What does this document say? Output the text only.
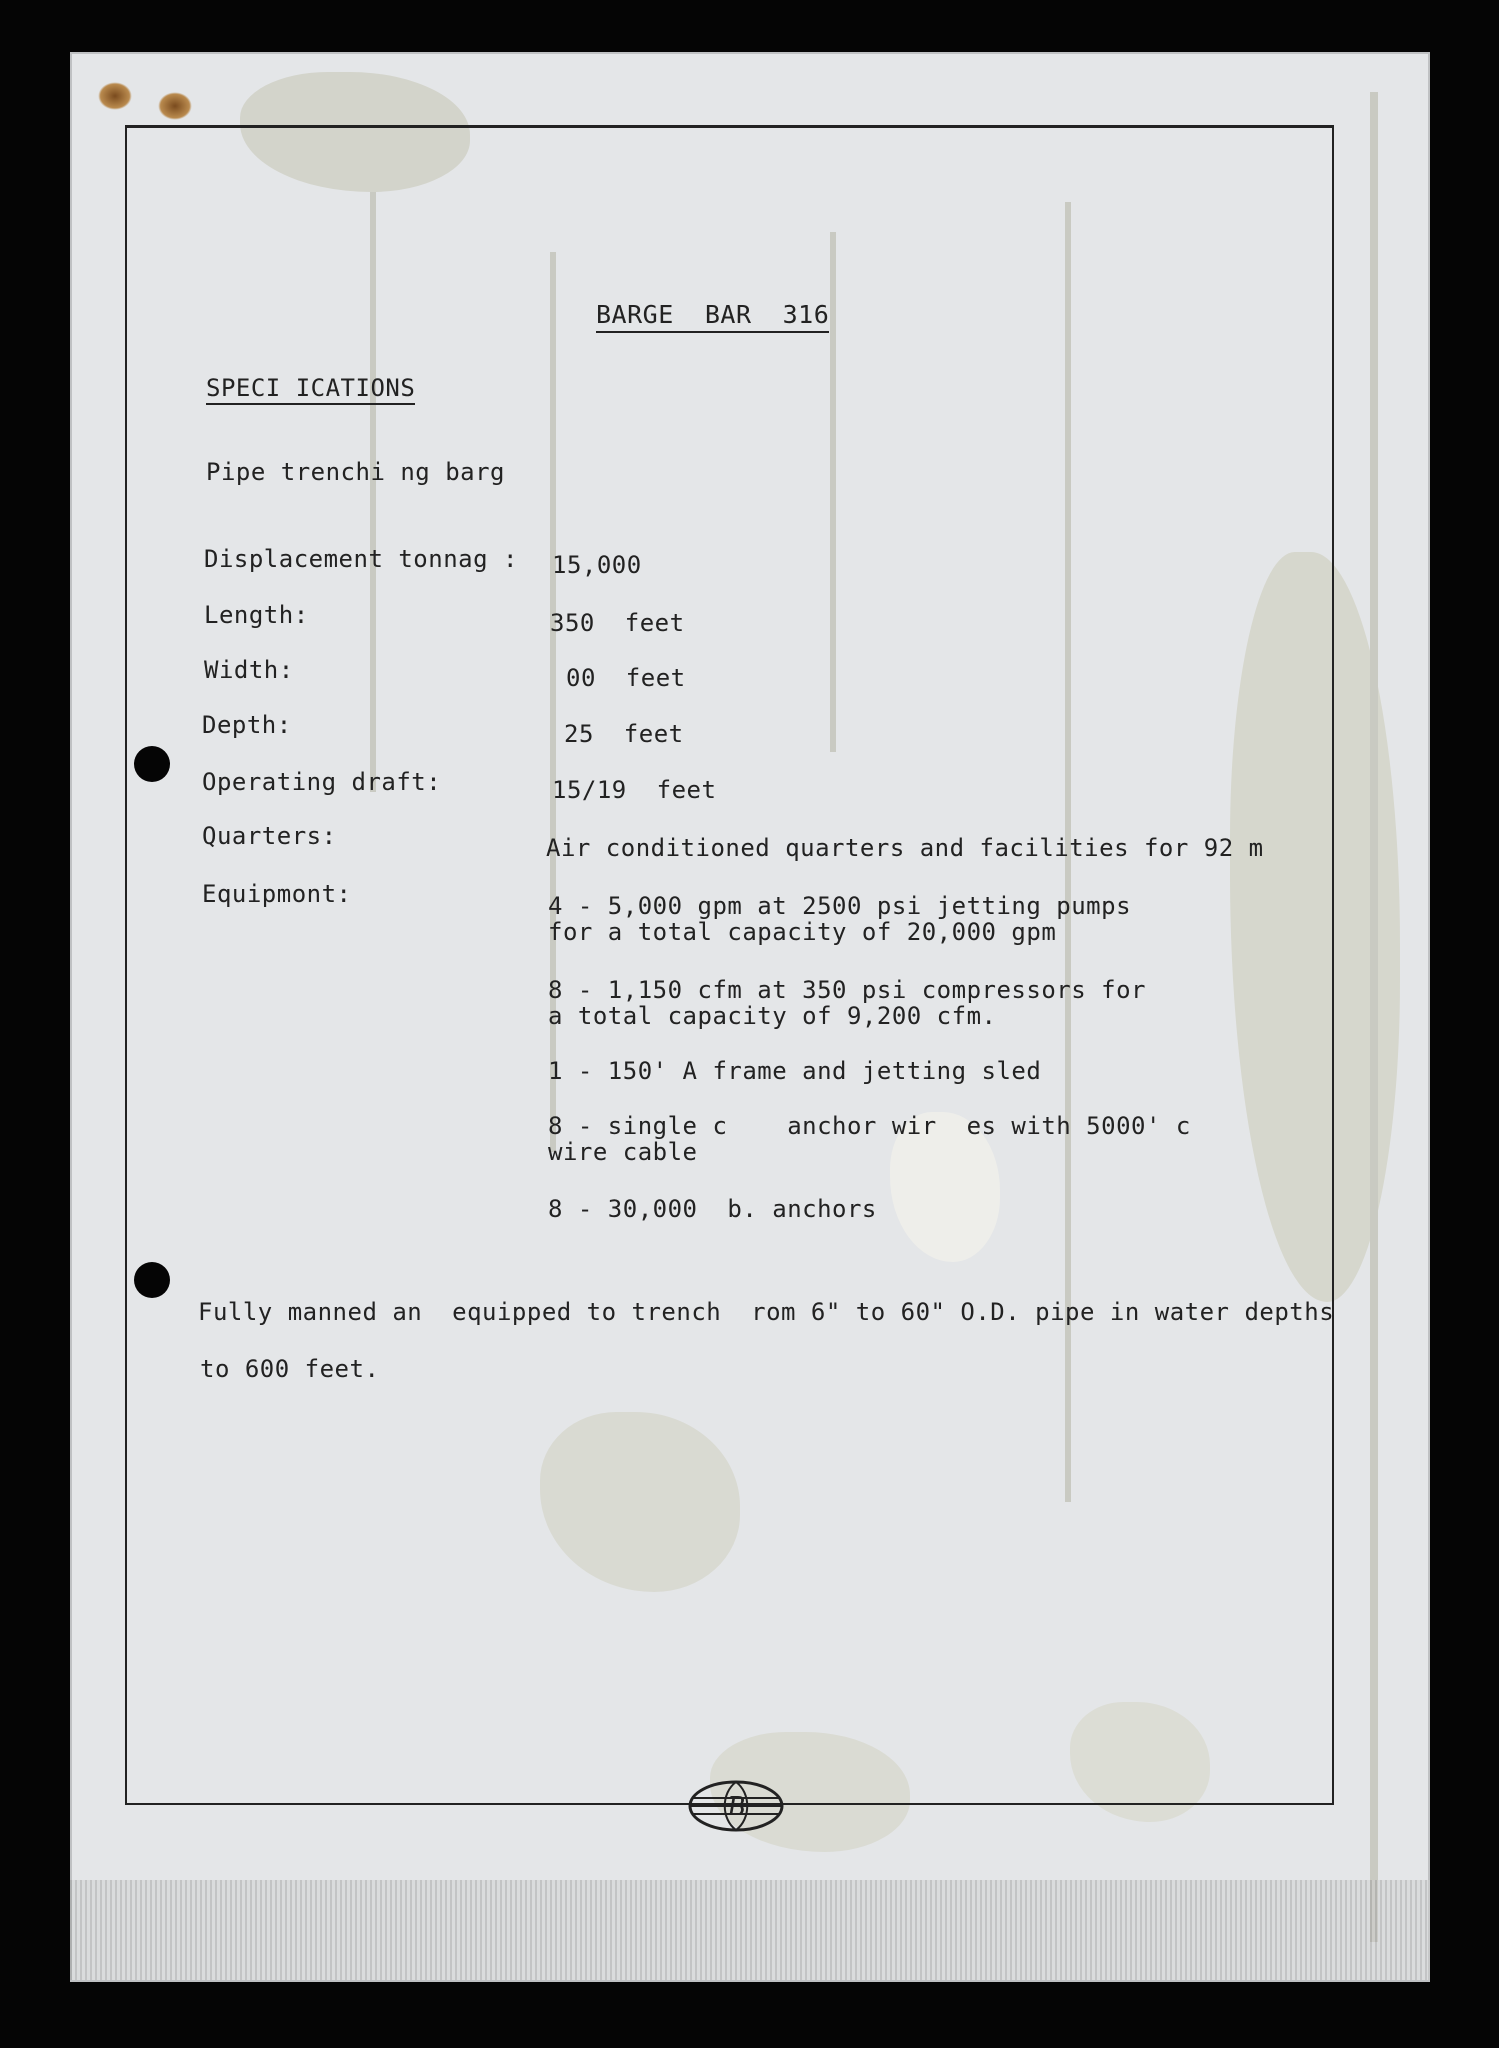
BARGE  BAR  316
SPECI ICATIONS
Pipe trenchi ng barg
Displacement tonnag : 15,000
Length:	350  feet
Width:	00  feet
Depth:	25  feet
Operating draft:	15/19  feet
Quarters:	Air conditioned quarters and facilities for 92 m
Equipmont:	4 - 5,000 gpm at 2500 psi jetting pumps
for a total capacity of 20,000 gpm
8 - 1,150 cfm at 350 psi compressors for
a total capacity of 9,200 cfm.
1 - 150' A frame and jetting sled
8 - single c    anchor wir  es with 5000' c
wire cable
8 - 30,000  b. anchors
Fully manned an  equipped to trench  rom 6" to 60" O.D. pipe in water depths
to 600 feet.
B
